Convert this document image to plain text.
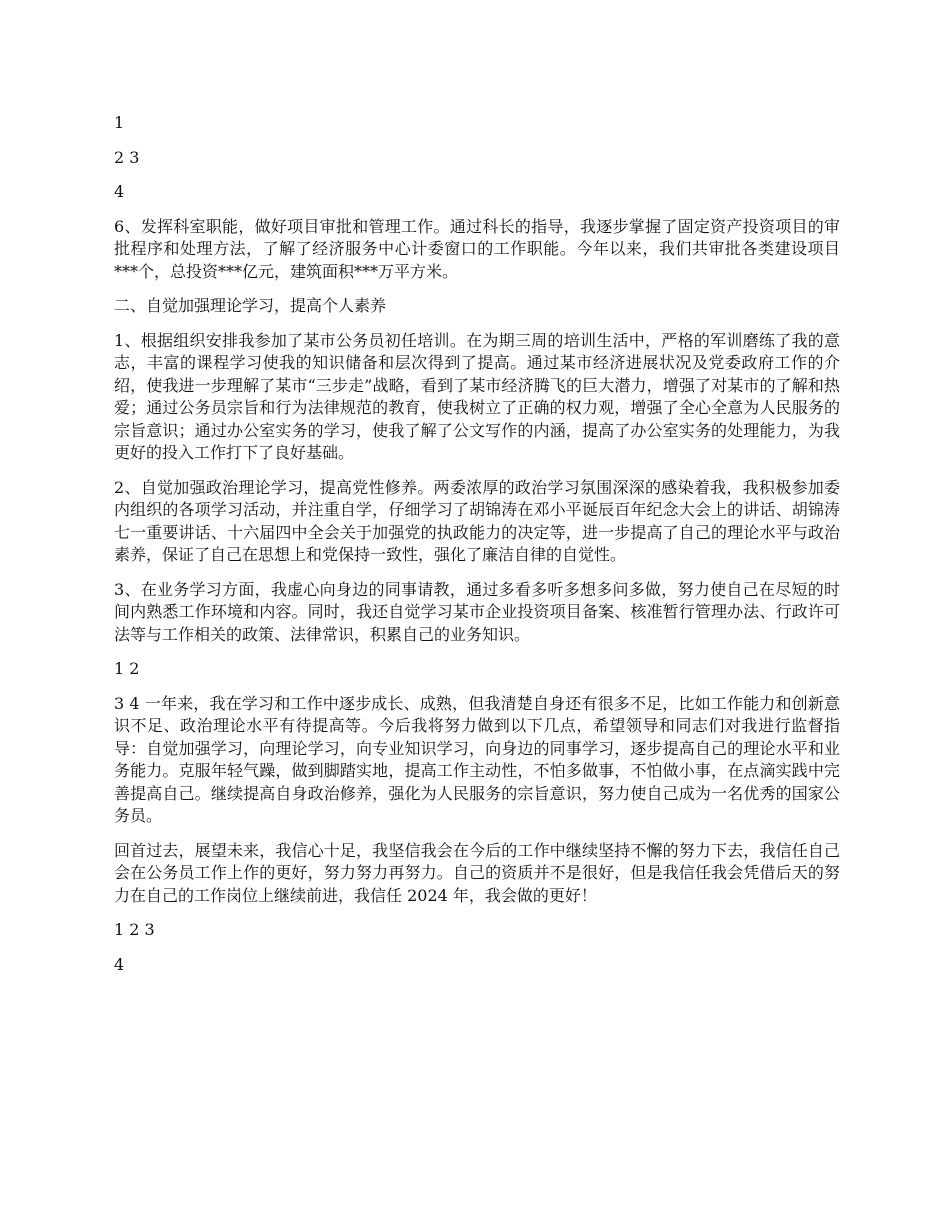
1

2 3

4

6、发挥科室职能，做好项目审批和管理工作。通过科长的指导，我逐步掌握了固定资产投资项目的审批程序和处理方法，了解了经济服务中心计委窗口的工作职能。今年以来，我们共审批各类建设项目***个，总投资***亿元，建筑面积***万平方米。

二、自觉加强理论学习，提高个人素养

1、根据组织安排我参加了某市公务员初任培训。在为期三周的培训生活中，严格的军训磨练了我的意志，丰富的课程学习使我的知识储备和层次得到了提高。通过某市经济进展状况及党委政府工作的介绍，使我进一步理解了某市“三步走”战略，看到了某市经济腾飞的巨大潜力，增强了对某市的了解和热爱；通过公务员宗旨和行为法律规范的教育，使我树立了正确的权力观，增强了全心全意为人民服务的宗旨意识；通过办公室实务的学习，使我了解了公文写作的内涵，提高了办公室实务的处理能力，为我更好的投入工作打下了良好基础。

2、自觉加强政治理论学习，提高党性修养。两委浓厚的政治学习氛围深深的感染着我，我积极参加委内组织的各项学习活动，并注重自学，仔细学习了胡锦涛在邓小平诞辰百年纪念大会上的讲话、胡锦涛七一重要讲话、十六届四中全会关于加强党的执政能力的决定等，进一步提高了自己的理论水平与政治素养，保证了自己在思想上和党保持一致性，强化了廉洁自律的自觉性。

3、在业务学习方面，我虚心向身边的同事请教，通过多看多听多想多问多做，努力使自己在尽短的时间内熟悉工作环境和内容。同时，我还自觉学习某市企业投资项目备案、核准暂行管理办法、行政许可法等与工作相关的政策、法律常识，积累自己的业务知识。

1 2

3 4 一年来，我在学习和工作中逐步成长、成熟，但我清楚自身还有很多不足，比如工作能力和创新意识不足、政治理论水平有待提高等。今后我将努力做到以下几点，希望领导和同志们对我进行监督指导：自觉加强学习，向理论学习，向专业知识学习，向身边的同事学习，逐步提高自己的理论水平和业务能力。克服年轻气躁，做到脚踏实地，提高工作主动性，不怕多做事，不怕做小事，在点滴实践中完善提高自己。继续提高自身政治修养，强化为人民服务的宗旨意识，努力使自己成为一名优秀的国家公务员。

回首过去，展望未来，我信心十足，我坚信我会在今后的工作中继续坚持不懈的努力下去，我信任自己会在公务员工作上作的更好，努力努力再努力。自己的资质并不是很好，但是我信任我会凭借后天的努力在自己的工作岗位上继续前进，我信任 2024 年，我会做的更好！

1 2 3

4
